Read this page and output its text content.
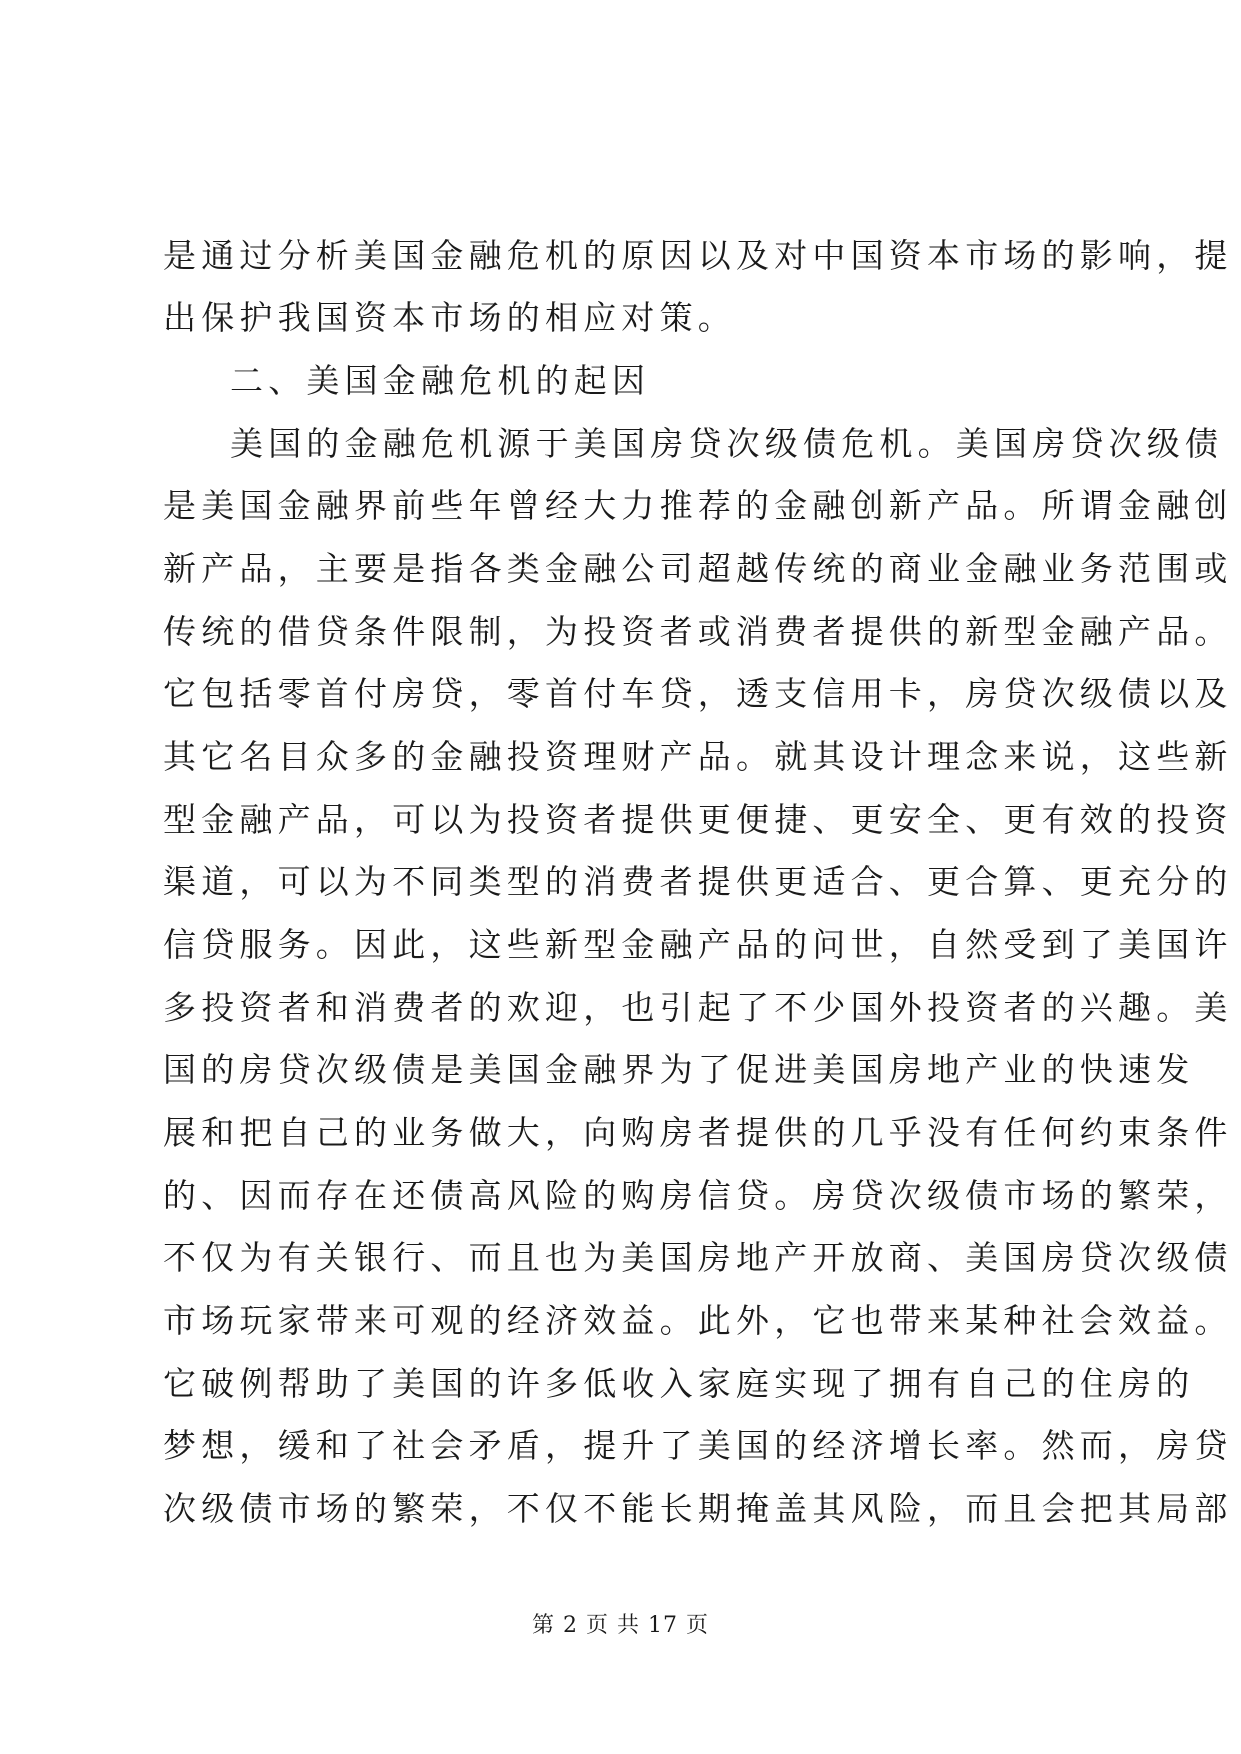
是通过分析美国金融危机的原因以及对中国资本市场的影响，提
出保护我国资本市场的相应对策。
二、美国金融危机的起因
美国的金融危机源于美国房贷次级债危机。美国房贷次级债
是美国金融界前些年曾经大力推荐的金融创新产品。所谓金融创
新产品，主要是指各类金融公司超越传统的商业金融业务范围或
传统的借贷条件限制，为投资者或消费者提供的新型金融产品。
它包括零首付房贷，零首付车贷，透支信用卡，房贷次级债以及
其它名目众多的金融投资理财产品。就其设计理念来说，这些新
型金融产品，可以为投资者提供更便捷、更安全、更有效的投资
渠道，可以为不同类型的消费者提供更适合、更合算、更充分的
信贷服务。因此，这些新型金融产品的问世，自然受到了美国许
多投资者和消费者的欢迎，也引起了不少国外投资者的兴趣。美
国的房贷次级债是美国金融界为了促进美国房地产业的快速发
展和把自己的业务做大，向购房者提供的几乎没有任何约束条件
的、因而存在还债高风险的购房信贷。房贷次级债市场的繁荣，
不仅为有关银行、而且也为美国房地产开放商、美国房贷次级债
市场玩家带来可观的经济效益。此外，它也带来某种社会效益。
它破例帮助了美国的许多低收入家庭实现了拥有自己的住房的
梦想，缓和了社会矛盾，提升了美国的经济增长率。然而，房贷
次级债市场的繁荣，不仅不能长期掩盖其风险，而且会把其局部
第 2 页 共 17 页
